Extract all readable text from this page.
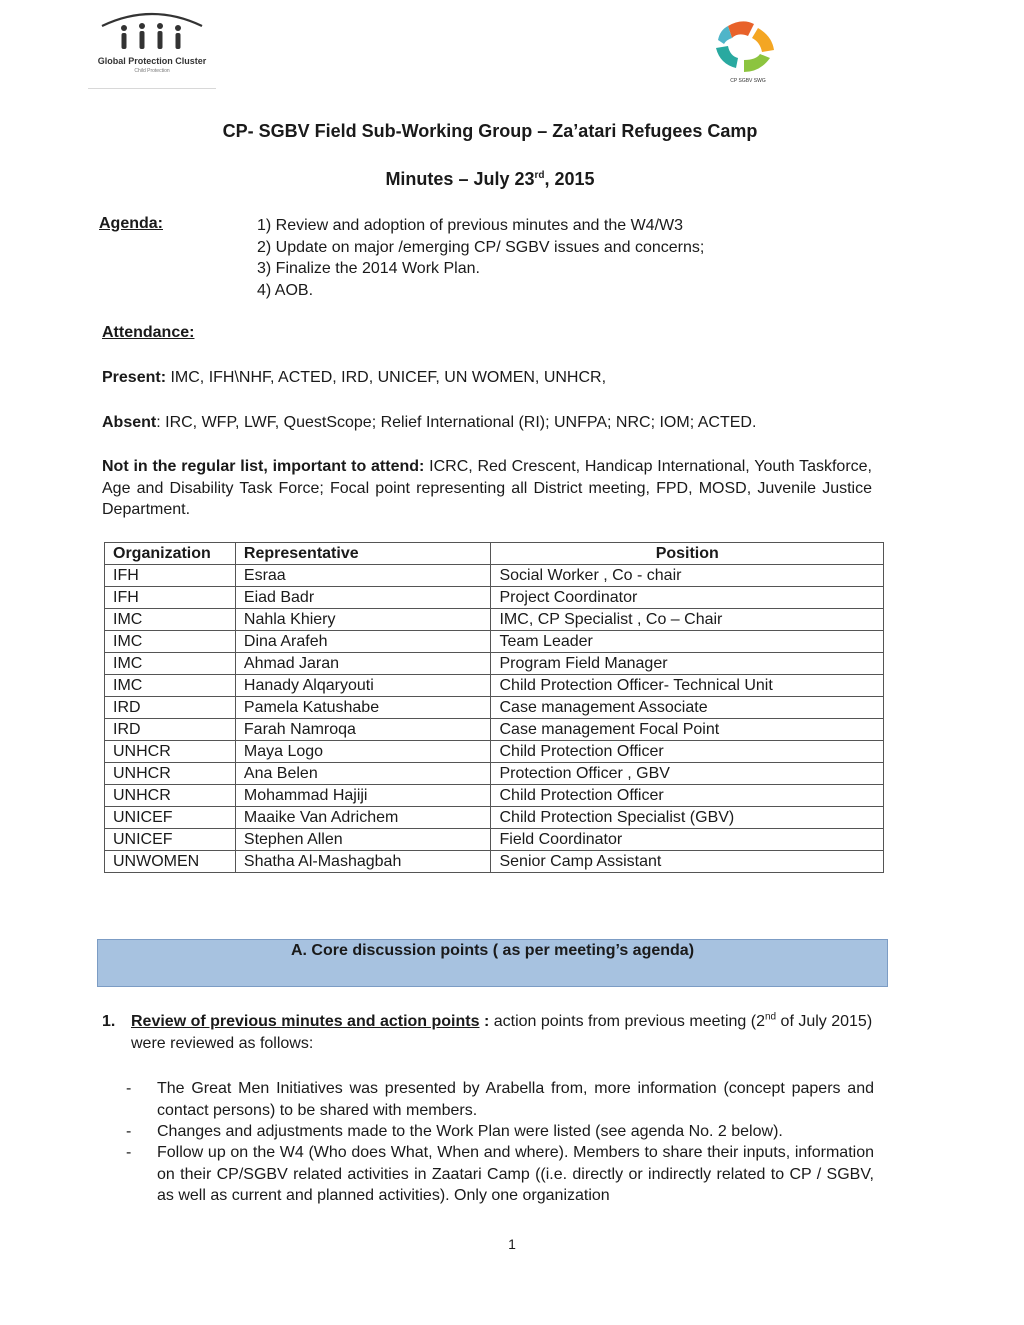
Global Protection Cluster
Child Protection
CP SGBV SWG
CP- SGBV Field Sub-Working Group – Za’atari Refugees Camp
Minutes – July 23rd, 2015
Agenda:	1) Review and adoption of previous minutes and the W4/W3
2) Update on major /emerging CP/ SGBV issues and concerns;
3) Finalize the 2014 Work Plan.
4) AOB.
Attendance:
Present: IMC, IFH\NHF, ACTED, IRD, UNICEF, UN WOMEN, UNHCR,
Absent: IRC, WFP, LWF, QuestScope; Relief International (RI); UNFPA; NRC; IOM; ACTED.
Not in the regular list, important to attend: ICRC, Red Crescent, Handicap International, Youth Taskforce, Age and Disability Task Force; Focal point representing all District meeting, FPD, MOSD, Juvenile Justice Department.
Organization	Representative	Position
IFH	Esraa	Social Worker , Co - chair
IFH	Eiad Badr	Project Coordinator
IMC	Nahla Khiery	IMC, CP Specialist , Co – Chair
IMC	Dina Arafeh	Team Leader
IMC	Ahmad Jaran	Program Field Manager
IMC	Hanady Alqaryouti	Child Protection Officer- Technical Unit
IRD	Pamela Katushabe	Case management Associate
IRD	Farah Namroqa	Case management Focal Point
UNHCR	Maya Logo	Child Protection Officer
UNHCR	Ana Belen	Protection Officer , GBV
UNHCR	Mohammad Hajiji	Child Protection Officer
UNICEF	Maaike Van Adrichem	Child Protection Specialist (GBV)
UNICEF	Stephen Allen	Field Coordinator
UNWOMEN	Shatha Al-Mashagbah	Senior Camp Assistant
A. Core discussion points ( as per meeting’s agenda)
1. Review of previous minutes and action points : action points from previous meeting (2nd of July 2015) were reviewed as follows:
- The Great Men Initiatives was presented by Arabella from, more information (concept papers and contact persons) to be shared with members.
- Changes and adjustments made to the Work Plan were listed (see agenda No. 2 below).
- Follow up on the W4 (Who does What, When and where). Members to share their inputs, information on their CP/SGBV related activities in Zaatari Camp ((i.e. directly or indirectly related to CP / SGBV, as well as current and planned activities). Only one organization
1
